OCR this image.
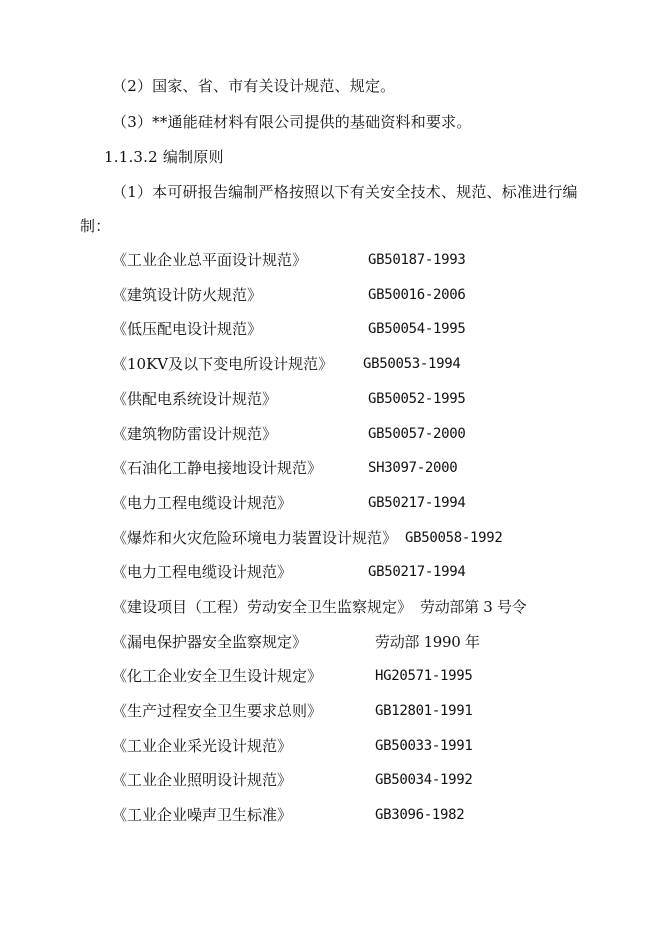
（2）国家、省、市有关设计规范、规定。
（3）**通能硅材料有限公司提供的基础资料和要求。
1.1.3.2 编制原则
（1）本可研报告编制严格按照以下有关安全技术、规范、标准进行编
制：
《工业企业总平面设计规范》	GB50187-1993
《建筑设计防火规范》	GB50016-2006
《低压配电设计规范》	GB50054-1995
《10KV及以下变电所设计规范》 GB50053-1994
《供配电系统设计规范》	GB50052-1995
《建筑物防雷设计规范》	GB50057-2000
《石油化工静电接地设计规范》	SH3097-2000
《电力工程电缆设计规范》	GB50217-1994
《爆炸和火灾危险环境电力装置设计规范》 GB50058-1992
《电力工程电缆设计规范》	GB50217-1994
《建设项目（工程）劳动安全卫生监察规定》 劳动部第 3 号令
《漏电保护器安全监察规定》	劳动部 1990 年
《化工企业安全卫生设计规定》	HG20571-1995
《生产过程安全卫生要求总则》	GB12801-1991
《工业企业采光设计规范》	GB50033-1991
《工业企业照明设计规范》	GB50034-1992
《工业企业噪声卫生标准》	GB3096-1982
